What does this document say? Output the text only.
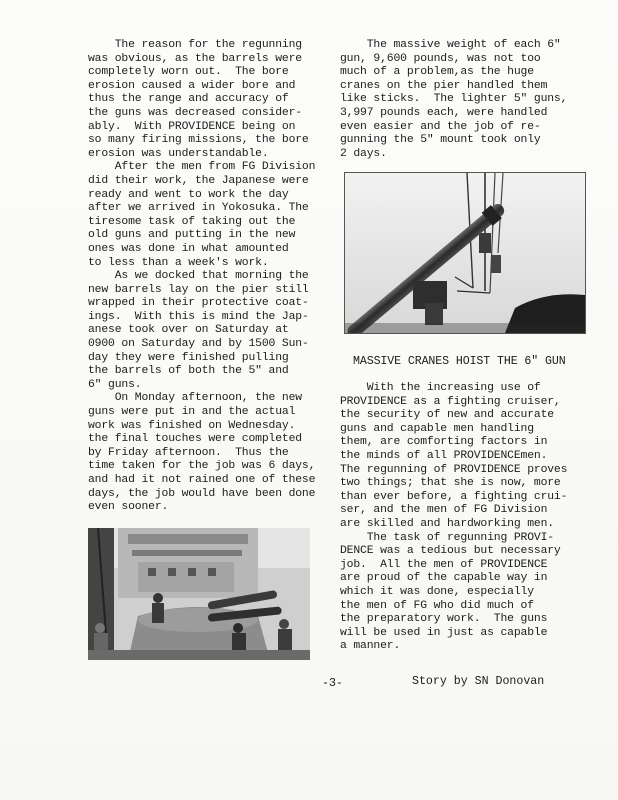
The reason for the regunning

was obvious, as the barrels were

completely worn out.  The bore

erosion caused a wider bore and

thus the range and accuracy of

the guns was decreased consider-

ably.  With PROVIDENCE being on

so many firing missions, the bore

erosion was understandable.

After the men from FG Division

did their work, the Japanese were

ready and went to work the day

after we arrived in Yokosuka. The

tiresome task of taking out the

old guns and putting in the new

ones was done in what amounted

to less than a week's work.

As we docked that morning the

new barrels lay on the pier still

wrapped in their protective coat-

ings.  With this is mind the Jap-

anese took over on Saturday at

0900 on Saturday and by 1500 Sun-

day they were finished pulling

the barrels of both the 5" and

6" guns.

On Monday afternoon, the new

guns were put in and the actual

work was finished on Wednesday.

the final touches were completed

by Friday afternoon.  Thus the

time taken for the job was 6 days,

and had it not rained one of these

days, the job would have been done

even sooner.

The massive weight of each 6"

gun, 9,600 pounds, was not too

much of a problem,as the huge

cranes on the pier handled them

like sticks.  The lighter 5" guns,

3,997 pounds each, were handled

even easier and the job of re-

gunning the 5" mount took only

2 days.

MASSIVE CRANES HOIST THE 6" GUN

With the increasing use of

PROVIDENCE as a fighting cruiser,

the security of new and accurate

guns and capable men handling

them, are comforting factors in

the minds of all PROVIDENCEmen.

The regunning of PROVIDENCE proves

two things; that she is now, more

than ever before, a fighting crui-

ser, and the men of FG Division

are skilled and hardworking men.

The task of regunning PROVI-

DENCE was a tedious but necessary

job.  All the men of PROVIDENCE

are proud of the capable way in

which it was done, especially

the men of FG who did much of

the preparatory work.  The guns

will be used in just as capable

a manner.

-3-	Story by SN Donovan
